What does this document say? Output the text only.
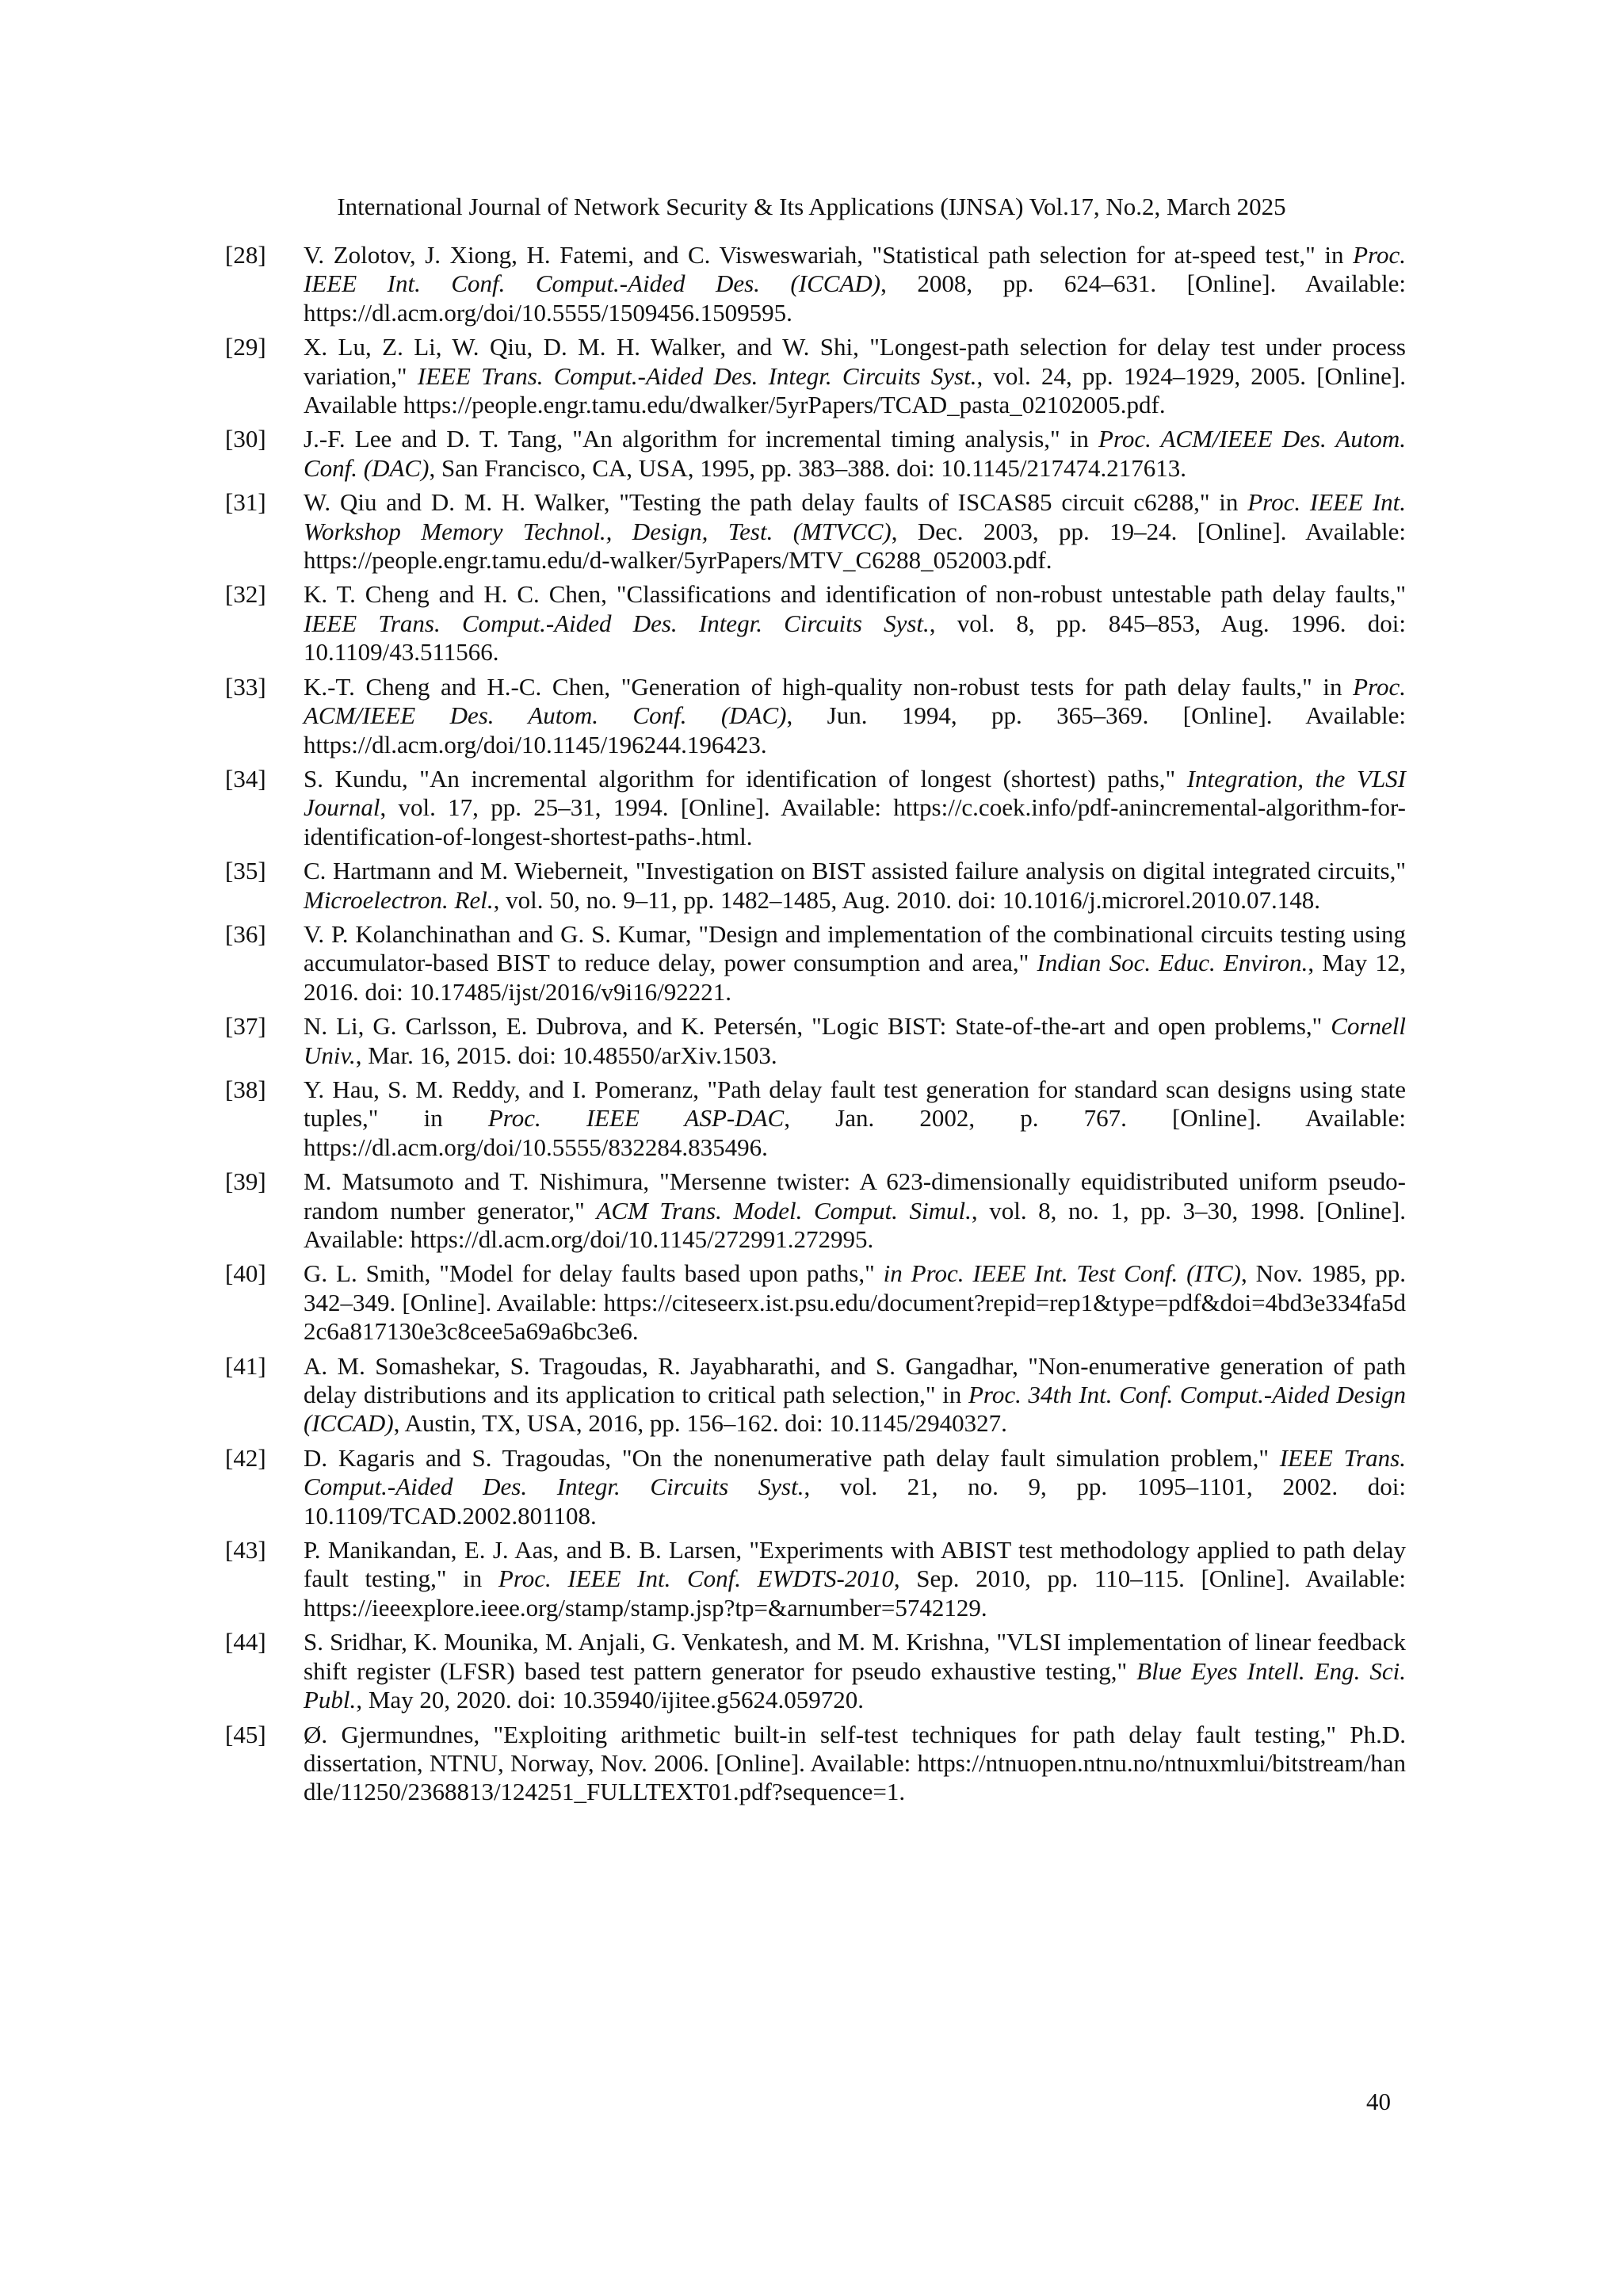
International Journal of Network Security & Its Applications (IJNSA) Vol.17, No.2, March 2025
[28] V. Zolotov, J. Xiong, H. Fatemi, and C. Visweswariah, "Statistical path selection for at-speed test," in Proc. IEEE Int. Conf. Comput.-Aided Des. (ICCAD), 2008, pp. 624–631. [Online]. Available: https://dl.acm.org/doi/10.5555/1509456.1509595.
[29] X. Lu, Z. Li, W. Qiu, D. M. H. Walker, and W. Shi, "Longest-path selection for delay test under process variation," IEEE Trans. Comput.-Aided Des. Integr. Circuits Syst., vol. 24, pp. 1924–1929, 2005. [Online]. Available https://people.engr.tamu.edu/dwalker/5yrPapers/TCAD_pasta_02102005.pdf.
[30] J.-F. Lee and D. T. Tang, "An algorithm for incremental timing analysis," in Proc. ACM/IEEE Des. Autom. Conf. (DAC), San Francisco, CA, USA, 1995, pp. 383–388. doi: 10.1145/217474.217613.
[31] W. Qiu and D. M. H. Walker, "Testing the path delay faults of ISCAS85 circuit c6288," in Proc. IEEE Int. Workshop Memory Technol., Design, Test. (MTVCC), Dec. 2003, pp. 19–24. [Online]. Available: https://people.engr.tamu.edu/d-walker/5yrPapers/MTV_C6288_052003.pdf.
[32] K. T. Cheng and H. C. Chen, "Classifications and identification of non-robust untestable path delay faults," IEEE Trans. Comput.-Aided Des. Integr. Circuits Syst., vol. 8, pp. 845–853, Aug. 1996. doi: 10.1109/43.511566.
[33] K.-T. Cheng and H.-C. Chen, "Generation of high-quality non-robust tests for path delay faults," in Proc. ACM/IEEE Des. Autom. Conf. (DAC), Jun. 1994, pp. 365–369. [Online]. Available: https://dl.acm.org/doi/10.1145/196244.196423.
[34] S. Kundu, "An incremental algorithm for identification of longest (shortest) paths," Integration, the VLSI Journal, vol. 17, pp. 25–31, 1994. [Online]. Available: https://c.coek.info/pdf-anincremental-algorithm-for-identification-of-longest-shortest-paths-.html.
[35] C. Hartmann and M. Wieberneit, "Investigation on BIST assisted failure analysis on digital integrated circuits," Microelectron. Rel., vol. 50, no. 9–11, pp. 1482–1485, Aug. 2010. doi: 10.1016/j.microrel.2010.07.148.
[36] V. P. Kolanchinathan and G. S. Kumar, "Design and implementation of the combinational circuits testing using accumulator-based BIST to reduce delay, power consumption and area," Indian Soc. Educ. Environ., May 12, 2016. doi: 10.17485/ijst/2016/v9i16/92221.
[37] N. Li, G. Carlsson, E. Dubrova, and K. Petersén, "Logic BIST: State-of-the-art and open problems," Cornell Univ., Mar. 16, 2015. doi: 10.48550/arXiv.1503.
[38] Y. Hau, S. M. Reddy, and I. Pomeranz, "Path delay fault test generation for standard scan designs using state tuples," in Proc. IEEE ASP-DAC, Jan. 2002, p. 767. [Online]. Available: https://dl.acm.org/doi/10.5555/832284.835496.
[39] M. Matsumoto and T. Nishimura, "Mersenne twister: A 623-dimensionally equidistributed uniform pseudo-random number generator," ACM Trans. Model. Comput. Simul., vol. 8, no. 1, pp. 3–30, 1998. [Online]. Available: https://dl.acm.org/doi/10.1145/272991.272995.
[40] G. L. Smith, "Model for delay faults based upon paths," in Proc. IEEE Int. Test Conf. (ITC), Nov. 1985, pp. 342–349. [Online]. Available: https://citeseerx.ist.psu.edu/document?repid=rep1&type=pdf&doi=4bd3e334fa5d2c6a817130e3c8cee5a69a6bc3e6.
[41] A. M. Somashekar, S. Tragoudas, R. Jayabharathi, and S. Gangadhar, "Non-enumerative generation of path delay distributions and its application to critical path selection," in Proc. 34th Int. Conf. Comput.-Aided Design (ICCAD), Austin, TX, USA, 2016, pp. 156–162. doi: 10.1145/2940327.
[42] D. Kagaris and S. Tragoudas, "On the nonenumerative path delay fault simulation problem," IEEE Trans. Comput.-Aided Des. Integr. Circuits Syst., vol. 21, no. 9, pp. 1095–1101, 2002. doi: 10.1109/TCAD.2002.801108.
[43] P. Manikandan, E. J. Aas, and B. B. Larsen, "Experiments with ABIST test methodology applied to path delay fault testing," in Proc. IEEE Int. Conf. EWDTS-2010, Sep. 2010, pp. 110–115. [Online]. Available: https://ieeexplore.ieee.org/stamp/stamp.jsp?tp=&arnumber=5742129.
[44] S. Sridhar, K. Mounika, M. Anjali, G. Venkatesh, and M. M. Krishna, "VLSI implementation of linear feedback shift register (LFSR) based test pattern generator for pseudo exhaustive testing," Blue Eyes Intell. Eng. Sci. Publ., May 20, 2020. doi: 10.35940/ijitee.g5624.059720.
[45] Ø. Gjermundnes, "Exploiting arithmetic built-in self-test techniques for path delay fault testing," Ph.D. dissertation, NTNU, Norway, Nov. 2006. [Online]. Available: https://ntnuopen.ntnu.no/ntnuxmlui/bitstream/handle/11250/2368813/124251_FULLTEXT01.pdf?sequence=1.
40
